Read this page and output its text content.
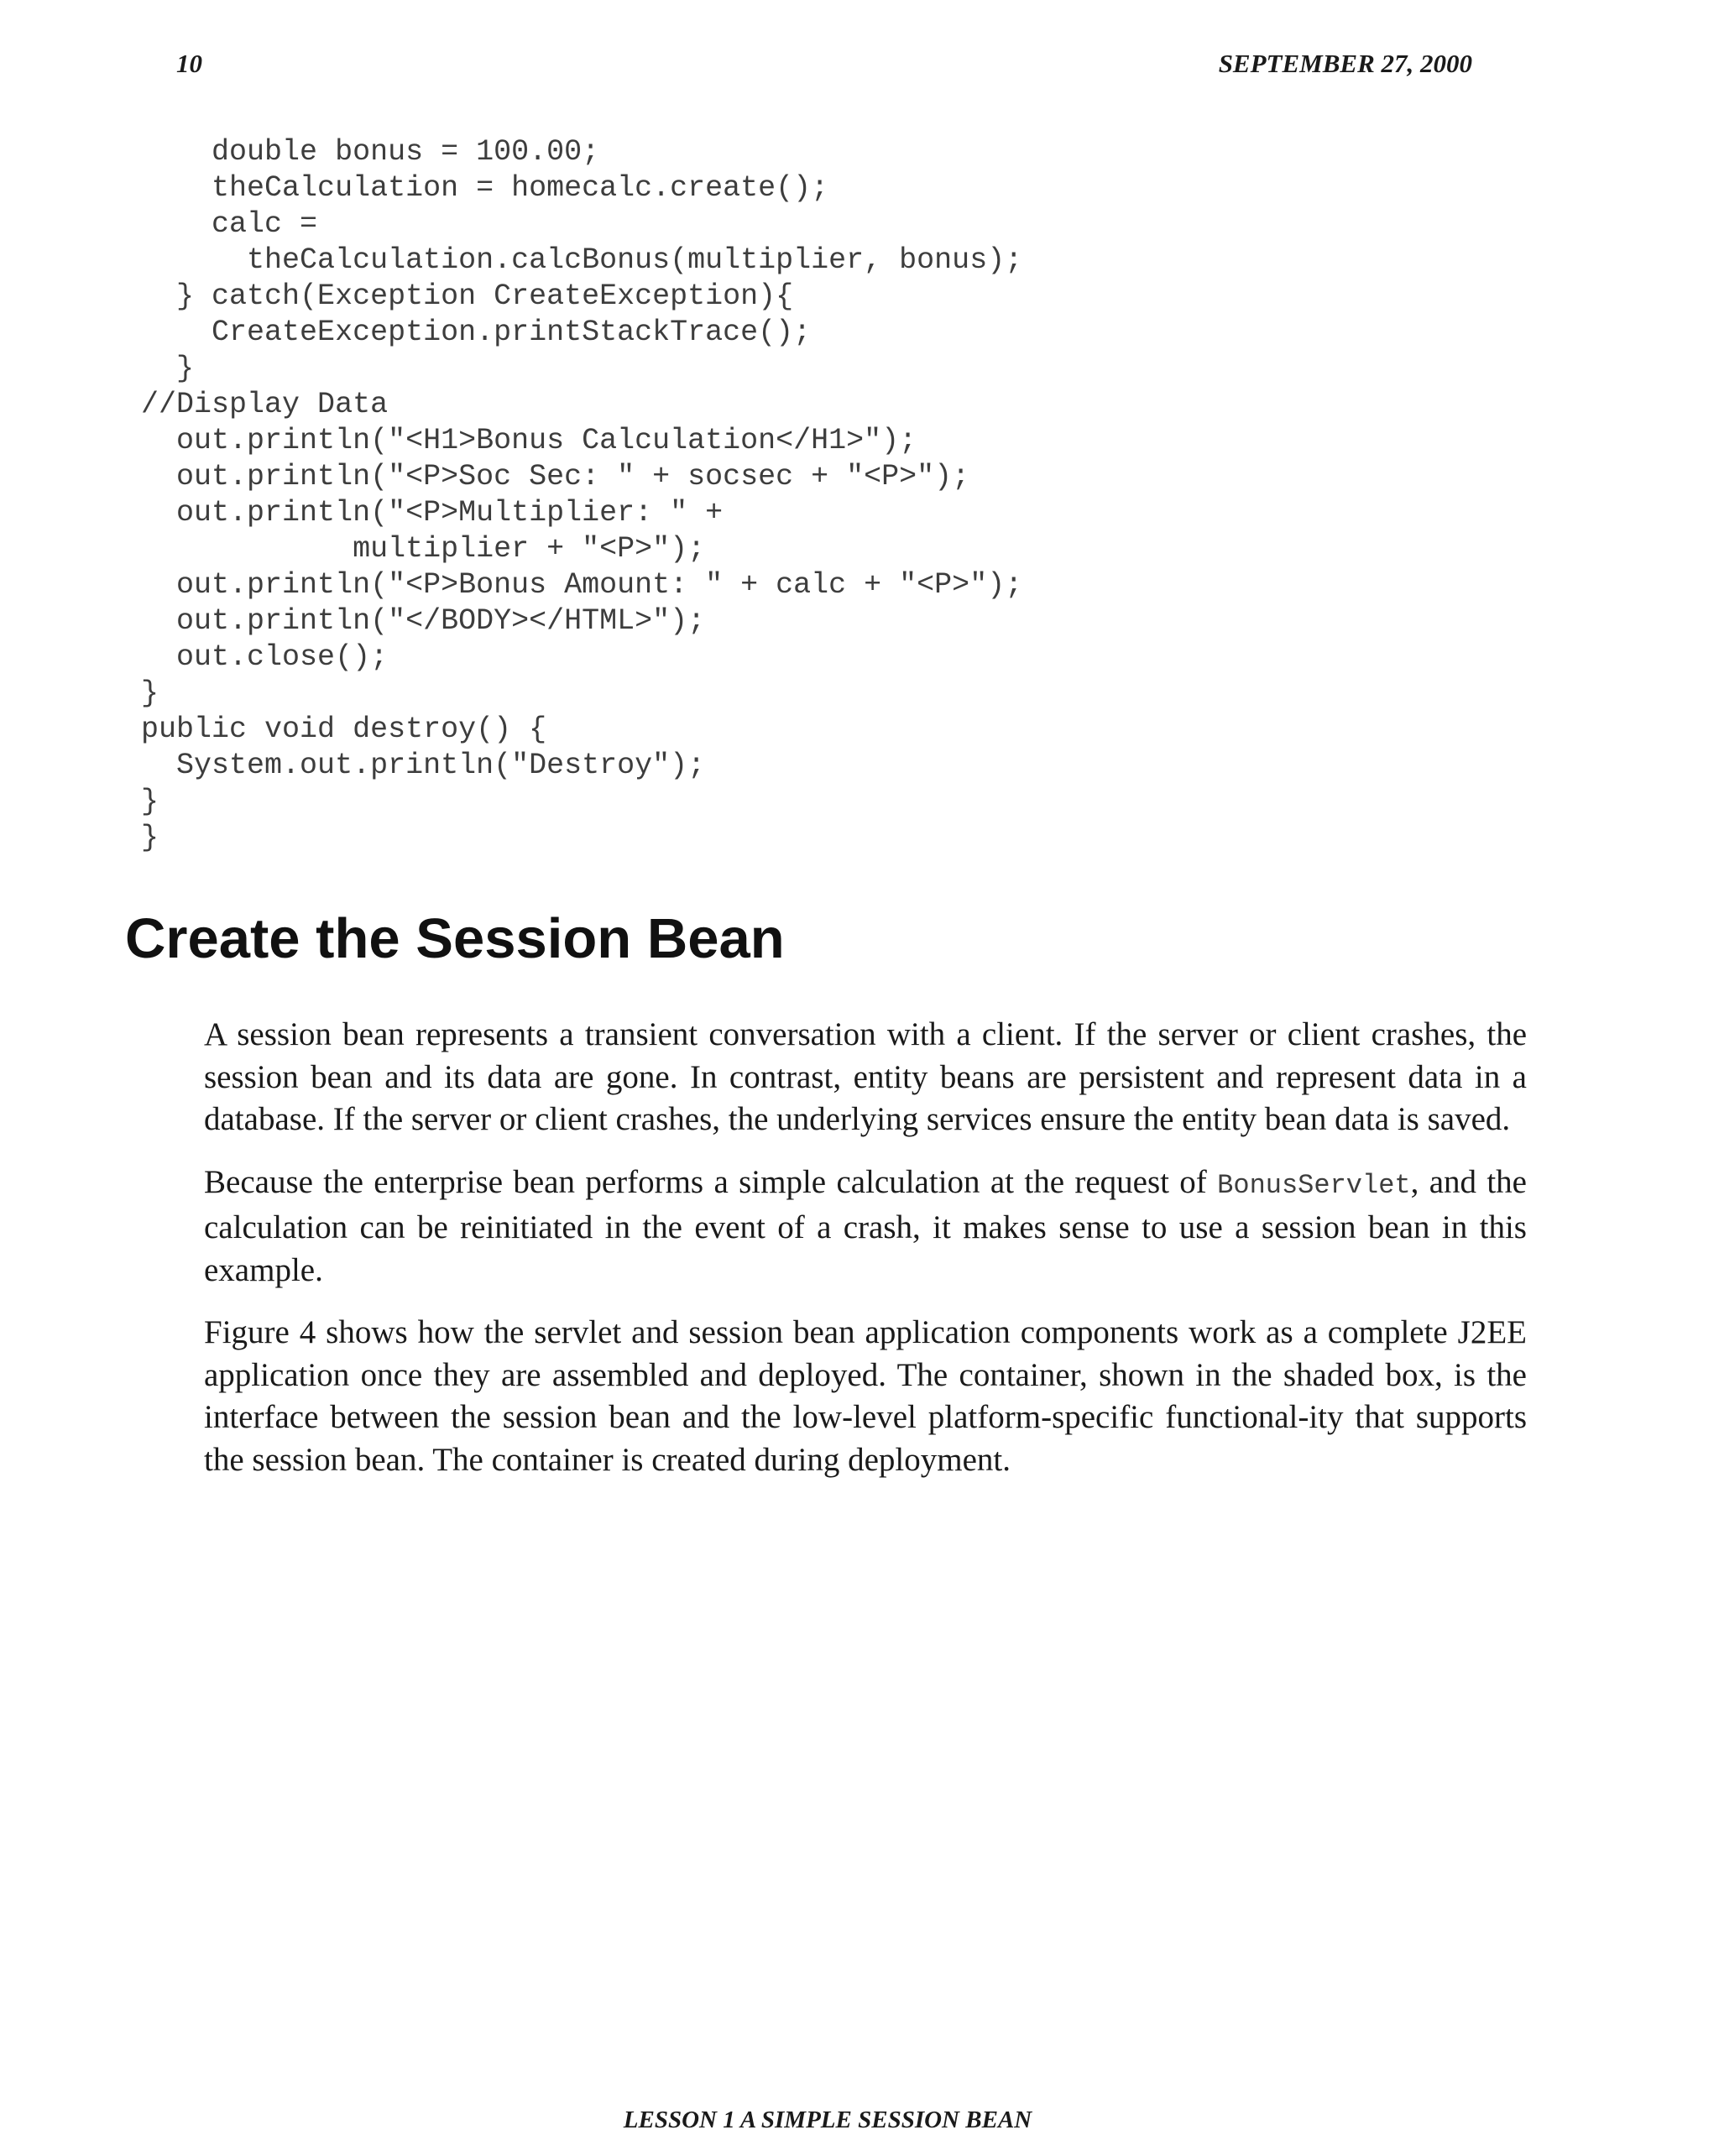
10	SEPTEMBER 27, 2000
double bonus = 100.00;
theCalculation = homecalc.create();
calc =
theCalculation.calcBonus(multiplier, bonus);
} catch(Exception CreateException){
CreateException.printStackTrace();
}
//Display Data
out.println("<H1>Bonus Calculation</H1>");
out.println("<P>Soc Sec: " + socsec + "<P>");
out.println("<P>Multiplier: " +
multiplier + "<P>");
out.println("<P>Bonus Amount: " + calc + "<P>");
out.println("</BODY></HTML>");
out.close();
}
public void destroy() {
System.out.println("Destroy");
}
}
Create the Session Bean

A session bean represents a transient conversation with a client. If the server or client crashes, the session bean and its data are gone. In contrast, entity beans are persistent and represent data in a database. If the server or client crashes, the underlying services ensure the entity bean data is saved.

Because the enterprise bean performs a simple calculation at the request of BonusServlet, and the calculation can be reinitiated in the event of a crash, it makes sense to use a session bean in this example.

Figure 4 shows how the servlet and session bean application components work as a complete J2EE application once they are assembled and deployed. The container, shown in the shaded box, is the interface between the session bean and the low-level platform-specific functional-ity that supports the session bean. The container is created during deployment.

LESSON 1 A SIMPLE SESSION BEAN
